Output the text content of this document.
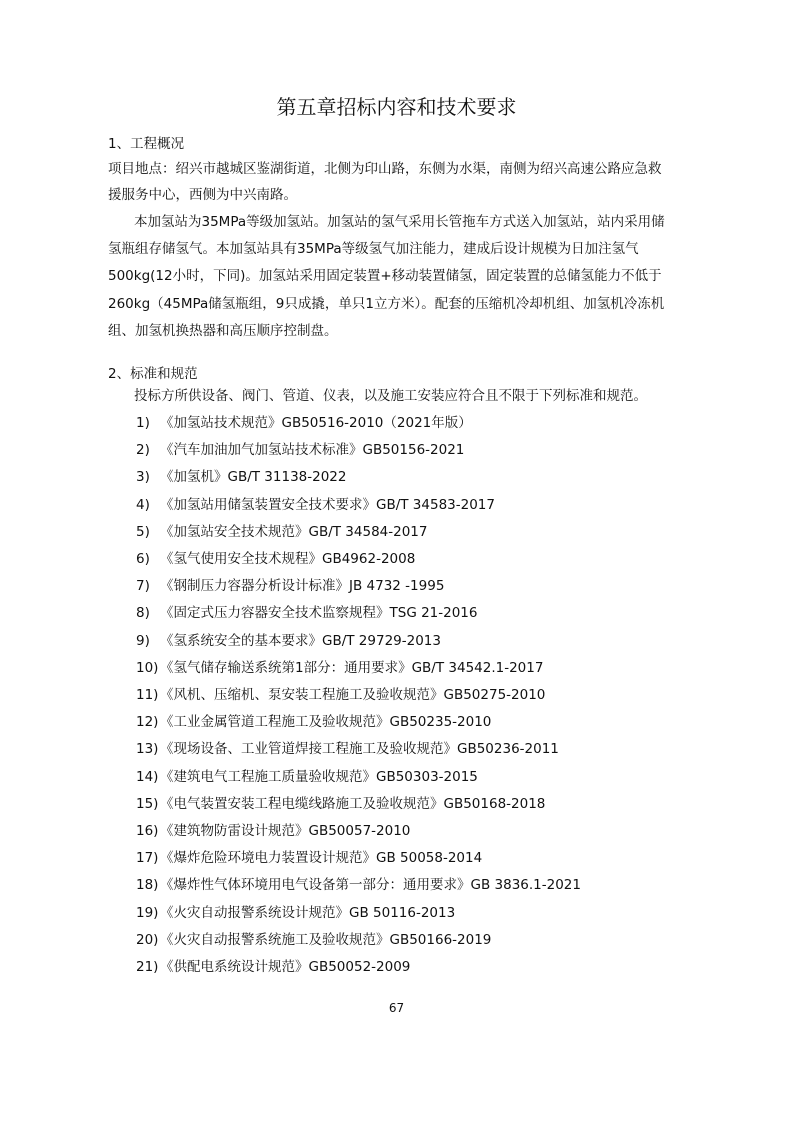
第五章招标内容和技术要求
1、工程概况
项目地点：绍兴市越城区鉴湖街道，北侧为印山路，东侧为水渠，南侧为绍兴高速公路应急救
援服务中心，西侧为中兴南路。
本加氢站为35MPa等级加氢站。加氢站的氢气采用长管拖车方式送入加氢站，站内采用储
氢瓶组存储氢气。本加氢站具有35MPa等级氢气加注能力，建成后设计规模为日加注氢气
500kg(12小时，下同)。加氢站采用固定装置+移动装置储氢，固定装置的总储氢能力不低于
260kg（45MPa储氢瓶组，9只成撬，单只1立方米）。配套的压缩机冷却机组、加氢机冷冻机
组、加氢机换热器和高压顺序控制盘。
2、标准和规范
投标方所供设备、阀门、管道、仪表，以及施工安装应符合且不限于下列标准和规范。
1) 《加氢站技术规范》GB50516-2010（2021年版）
2) 《汽车加油加气加氢站技术标准》GB50156-2021
3) 《加氢机》GB/T 31138-2022
4) 《加氢站用储氢装置安全技术要求》GB/T 34583-2017
5) 《加氢站安全技术规范》GB/T 34584-2017
6) 《氢气使用安全技术规程》GB4962-2008
7) 《钢制压力容器分析设计标准》JB 4732 -1995
8) 《固定式压力容器安全技术监察规程》TSG 21-2016
9) 《氢系统安全的基本要求》GB/T 29729-2013
10) 《氢气储存输送系统第1部分：通用要求》GB/T 34542.1-2017
11) 《风机、压缩机、泵安装工程施工及验收规范》GB50275-2010
12) 《工业金属管道工程施工及验收规范》GB50235-2010
13) 《现场设备、工业管道焊接工程施工及验收规范》GB50236-2011
14) 《建筑电气工程施工质量验收规范》GB50303-2015
15) 《电气装置安装工程电缆线路施工及验收规范》GB50168-2018
16) 《建筑物防雷设计规范》GB50057-2010
17) 《爆炸危险环境电力装置设计规范》GB 50058-2014
18) 《爆炸性气体环境用电气设备第一部分：通用要求》GB 3836.1-2021
19) 《火灾自动报警系统设计规范》GB 50116-2013
20) 《火灾自动报警系统施工及验收规范》GB50166-2019
21) 《供配电系统设计规范》GB50052-2009
67
